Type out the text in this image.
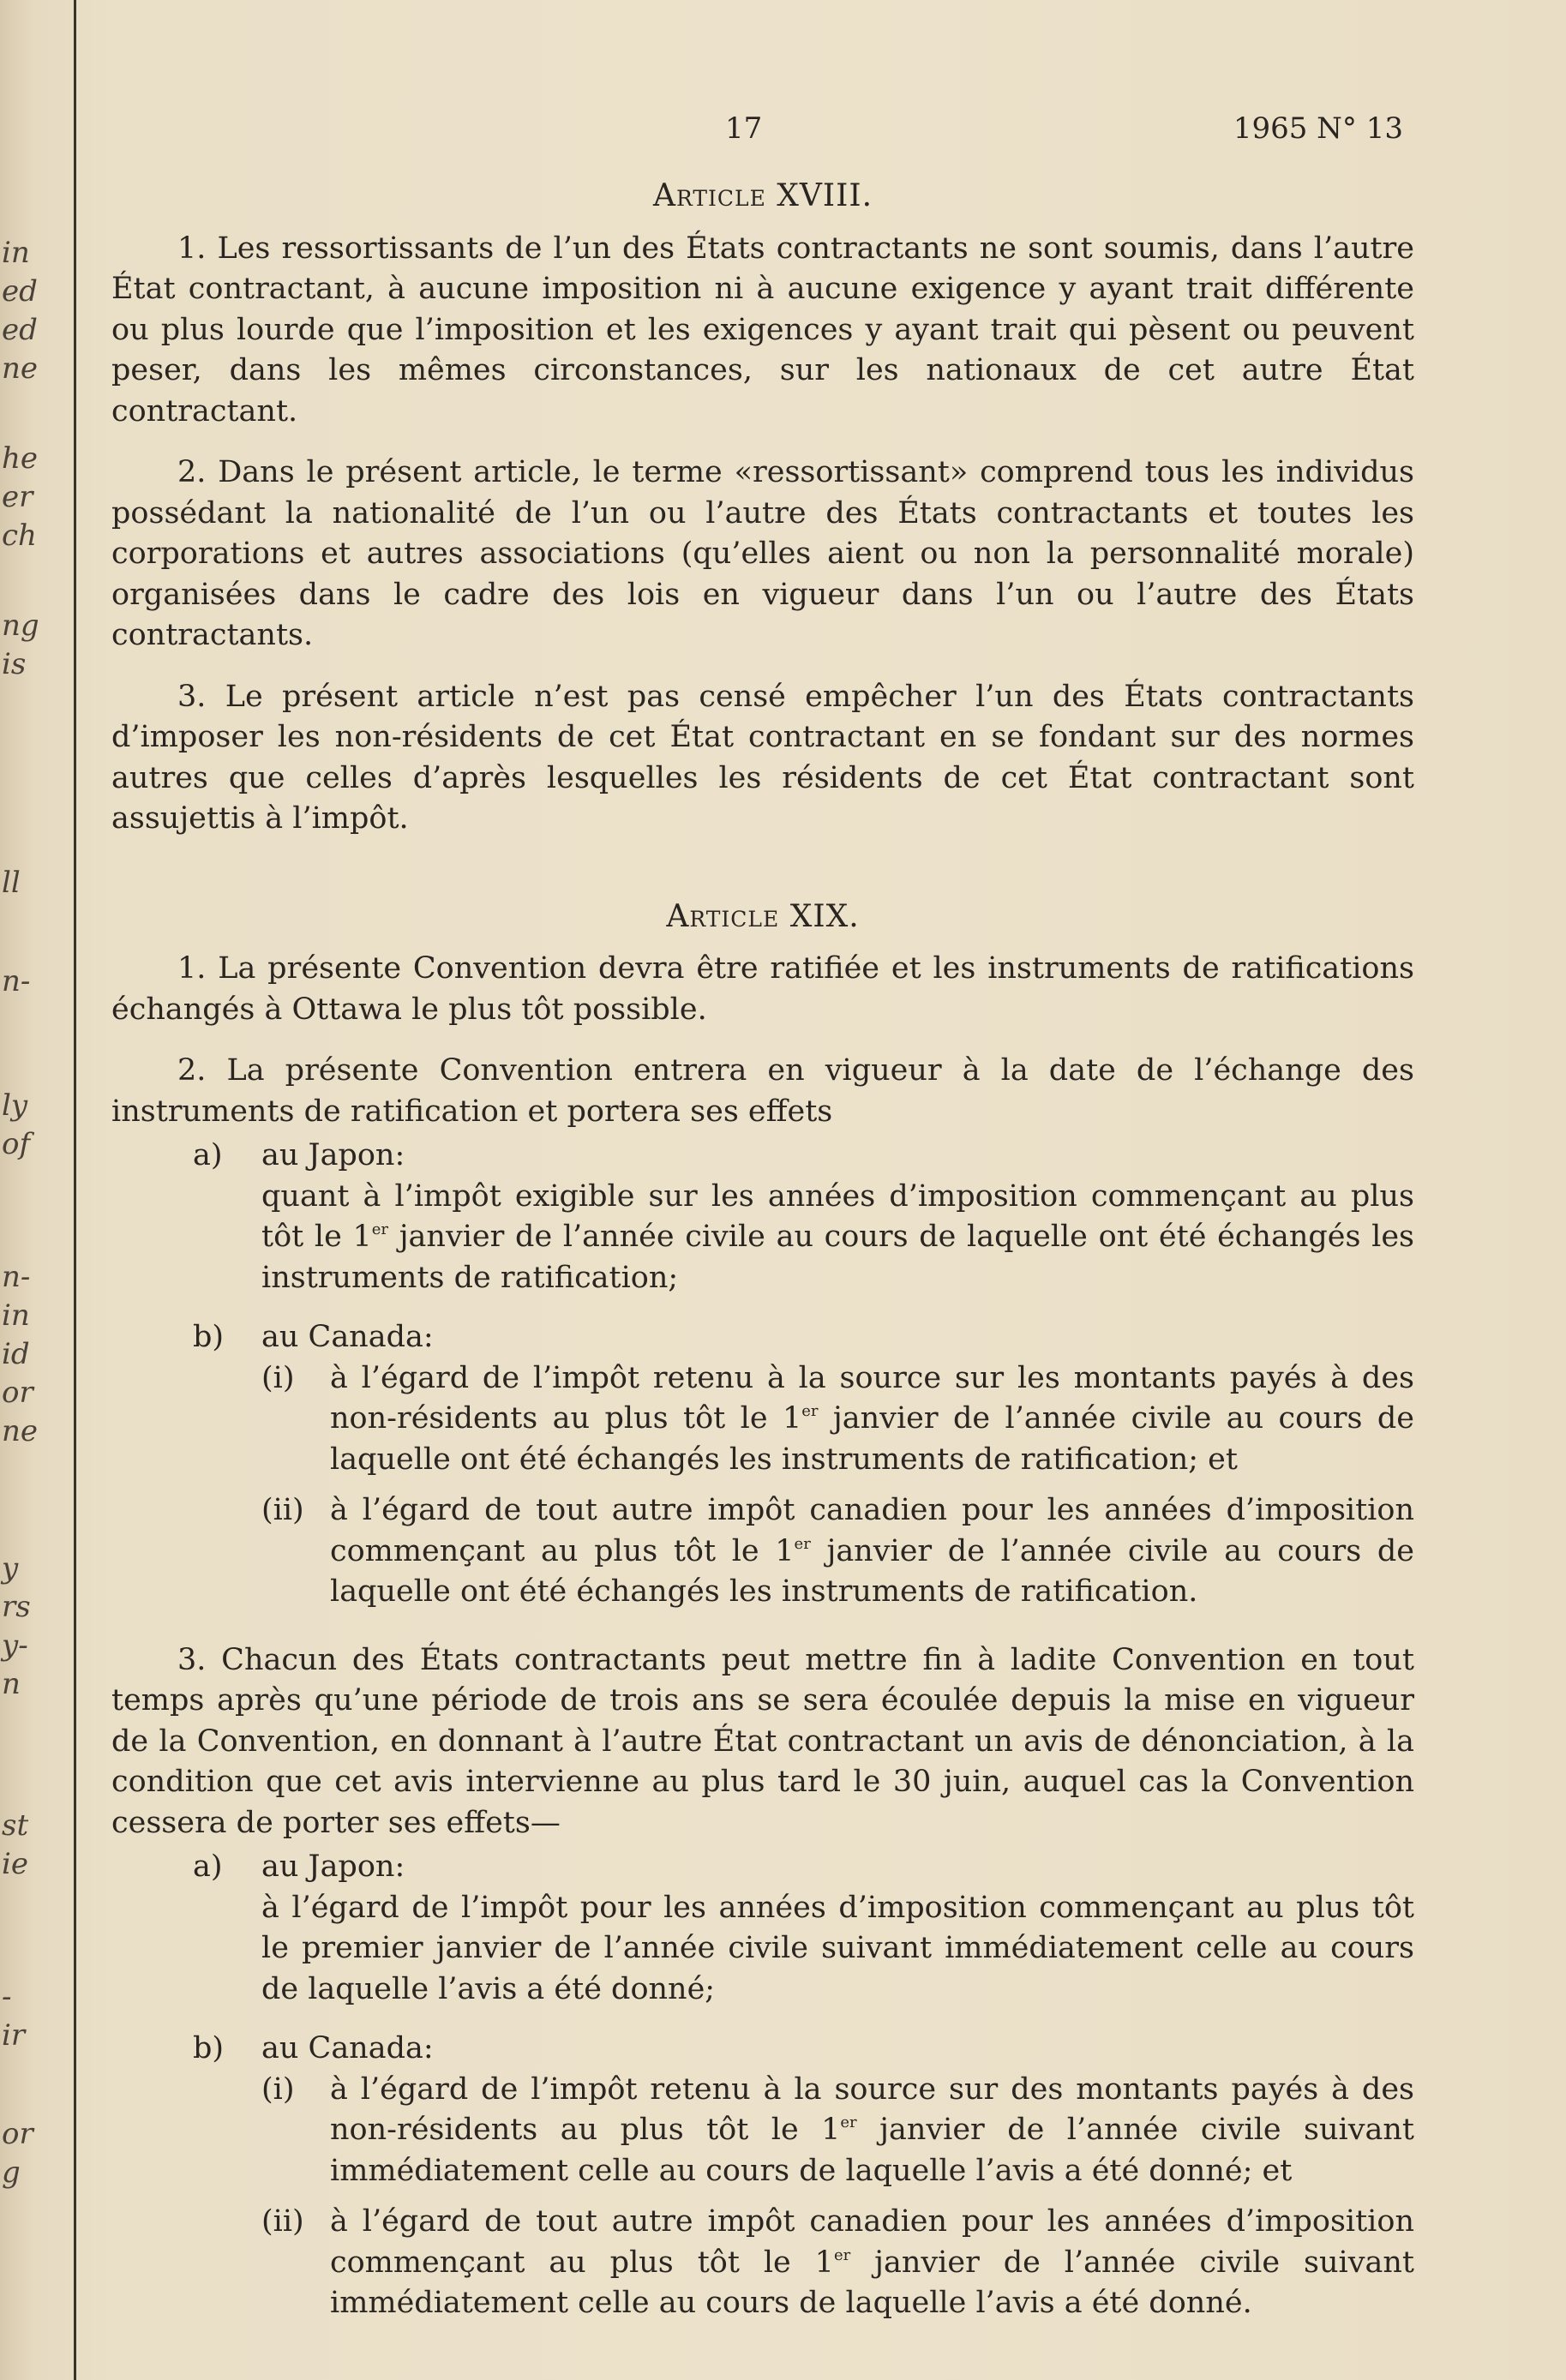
in
ed
ed
ne
he
er
ch
ng
is
ll
n-
ly
of
n-
in
id
or
ne
y
rs
y-
n
st
ie
-
ir
or
g
17	1965 N° 13
Article XVIII.

1. Les ressortissants de l’un des États contractants ne sont soumis, dans l’autre État contractant, à aucune imposition ni à aucune exigence y ayant trait différente ou plus lourde que l’imposition et les exigences y ayant trait qui pèsent ou peuvent peser, dans les mêmes circonstances, sur les nationaux de cet autre État contractant.

2. Dans le présent article, le terme «ressortissant» comprend tous les individus possédant la nationalité de l’un ou l’autre des États contractants et toutes les corporations et autres associations (qu’elles aient ou non la personnalité morale) organisées dans le cadre des lois en vigueur dans l’un ou l’autre des États contractants.

3. Le présent article n’est pas censé empêcher l’un des États contractants d’imposer les non-résidents de cet État contractant en se fondant sur des normes autres que celles d’après lesquelles les résidents de cet État contractant sont assujettis à l’impôt.

Article XIX.

1. La présente Convention devra être ratifiée et les instruments de ratifications échangés à Ottawa le plus tôt possible.

2. La présente Convention entrera en vigueur à la date de l’échange des instruments de ratification et portera ses effets

a)	au Japon:
quant à l’impôt exigible sur les années d’imposition commençant au plus tôt le 1er janvier de l’année civile au cours de laquelle ont été échangés les instruments de ratification;
b)	au Canada:
(i)	à l’égard de l’impôt retenu à la source sur les montants payés à des non-résidents au plus tôt le 1er janvier de l’année civile au cours de laquelle ont été échangés les instruments de ratification; et
(ii) à l’égard de tout autre impôt canadien pour les années d’imposition commençant au plus tôt le 1er janvier de l’année civile au cours de laquelle ont été échangés les instruments de ratification.

3. Chacun des États contractants peut mettre fin à ladite Convention en tout temps après qu’une période de trois ans se sera écoulée depuis la mise en vigueur de la Convention, en donnant à l’autre État contractant un avis de dénonciation, à la condition que cet avis intervienne au plus tard le 30 juin, auquel cas la Convention cessera de porter ses effets—

a)	au Japon:
à l’égard de l’impôt pour les années d’imposition commençant au plus tôt le premier janvier de l’année civile suivant immédiatement celle au cours de laquelle l’avis a été donné;
b)	au Canada:
(i)	à l’égard de l’impôt retenu à la source sur des montants payés à des non-résidents au plus tôt le 1er janvier de l’année civile suivant immédiatement celle au cours de laquelle l’avis a été donné; et
(ii) à l’égard de tout autre impôt canadien pour les années d’imposition commençant au plus tôt le 1er janvier de l’année civile suivant immédiatement celle au cours de laquelle l’avis a été donné.
